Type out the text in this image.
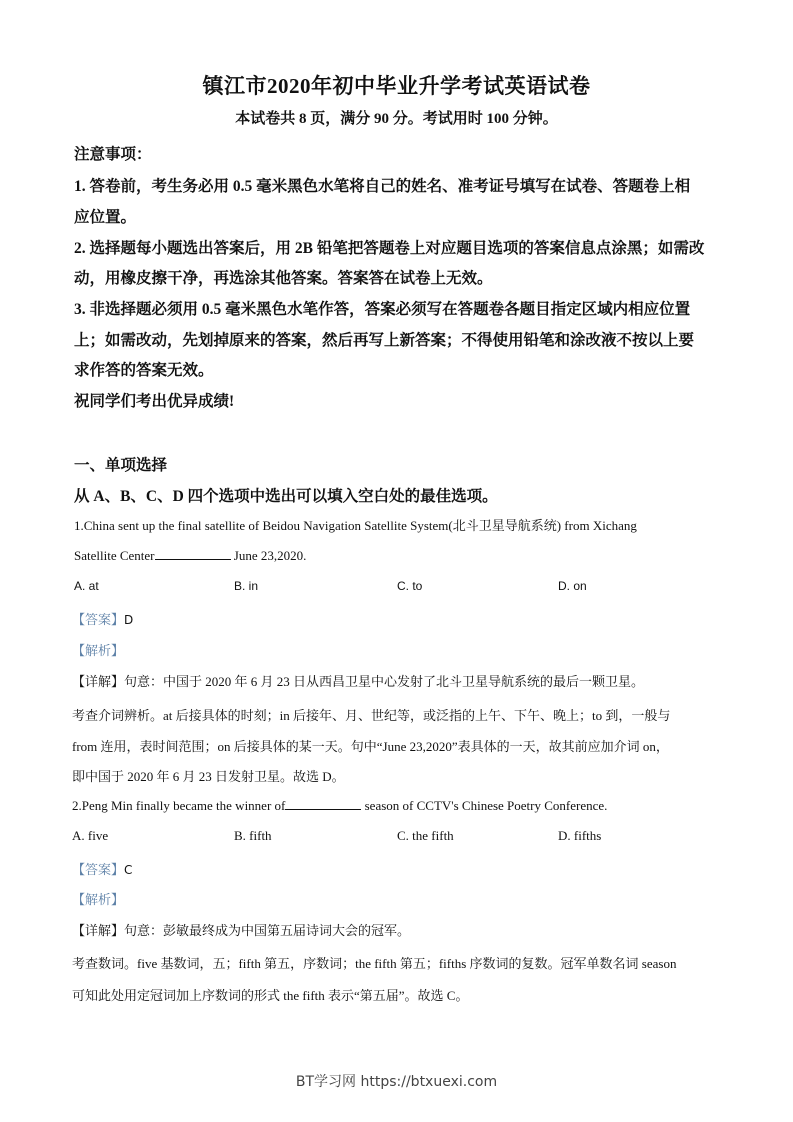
镇江市2020年初中毕业升学考试英语试卷
本试卷共 8 页，满分 90 分。考试用时 100 分钟。
注意事项：
1. 答卷前，考生务必用 0.5 毫米黑色水笔将自己的姓名、准考证号填写在试卷、答题卷上相
应位置。
2. 选择题每小题选出答案后，用 2B 铅笔把答题卷上对应题目选项的答案信息点涂黑；如需改
动，用橡皮擦干净，再选涂其他答案。答案答在试卷上无效。
3. 非选择题必须用 0.5 毫米黑色水笔作答，答案必须写在答题卷各题目指定区域内相应位置
上；如需改动，先划掉原来的答案，然后再写上新答案；不得使用铅笔和涂改液不按以上要
求作答的答案无效。
祝同学们考出优异成绩!
一、单项选择
从 A、B、C、D 四个选项中选出可以填入空白处的最佳选项。
1.China sent up the final satellite of Beidou Navigation Satellite System(北斗卫星导航系统) from Xichang
Satellite Center	June 23,2020.
A. at	B. in	C. to	D. on
【答案】D
【解析】
【详解】句意：中国于 2020 年 6 月 23 日从西昌卫星中心发射了北斗卫星导航系统的最后一颗卫星。
考查介词辨析。at 后接具体的时刻；in 后接年、月、世纪等，或泛指的上午、下午、晚上；to 到，一般与
from 连用，表时间范围；on 后接具体的某一天。句中“June 23,2020”表具体的一天，故其前应加介词 on，
即中国于 2020 年 6 月 23 日发射卫星。故选 D。
2.Peng Min finally became the winner of	season of CCTV's Chinese Poetry Conference.
A. five	B. fifth	C. the fifth	D. fifths
【答案】C
【解析】
【详解】句意：彭敏最终成为中国第五届诗词大会的冠军。
考查数词。five 基数词，五；fifth 第五，序数词；the fifth 第五；fifths 序数词的复数。冠军单数名词 season
可知此处用定冠词加上序数词的形式 the fifth 表示“第五届”。故选 C。
BT学习网 https://btxuexi.com
